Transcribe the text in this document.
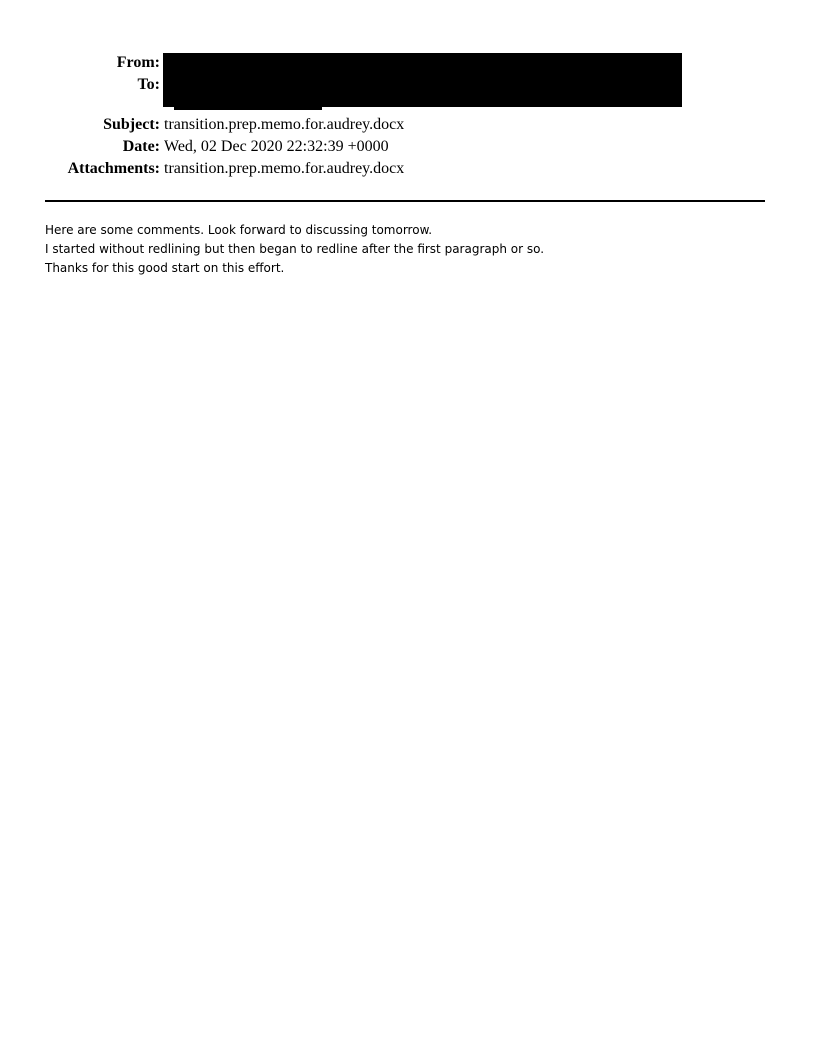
From:
To:
Subject: transition.prep.memo.for.audrey.docx
Date: Wed, 02 Dec 2020 22:32:39 +0000
Attachments: transition.prep.memo.for.audrey.docx
Here are some comments. Look forward to discussing tomorrow.
I started without redlining but then began to redline after the first paragraph or so.
Thanks for this good start on this effort.
